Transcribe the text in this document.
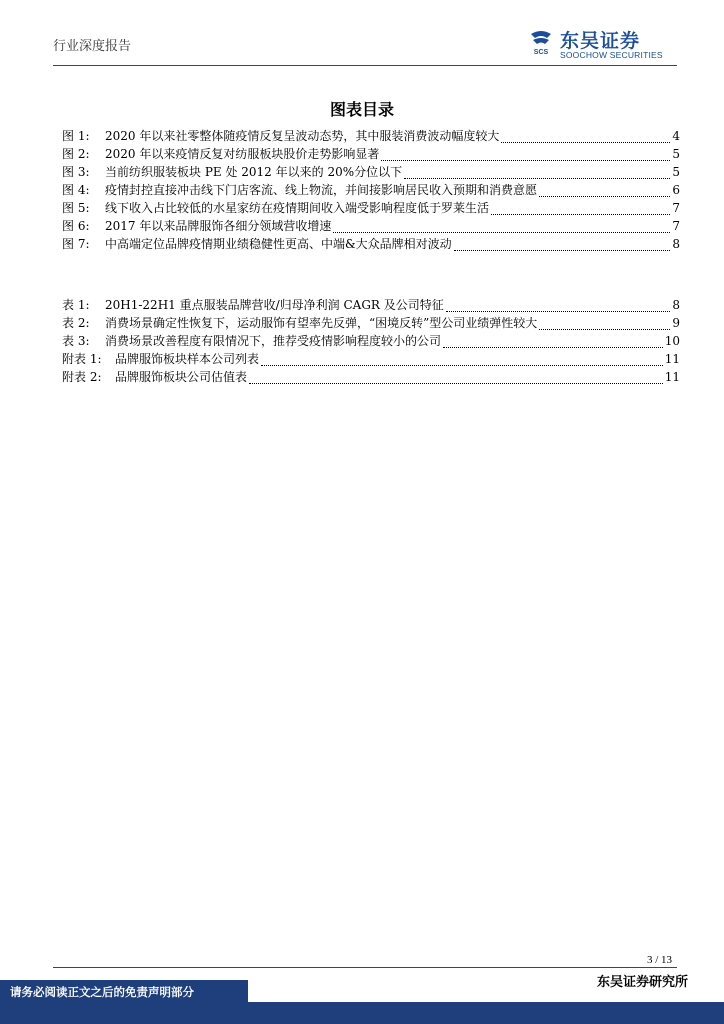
行业深度报告	SCS
东吴证券
SOOCHOW SECURITIES
图表目录
图 1:	2020 年以来社零整体随疫情反复呈波动态势，其中服装消费波动幅度较大	4
图 2:	2020 年以来疫情反复对纺服板块股价走势影响显著	5
图 3:	当前纺织服装板块 PE 处 2012 年以来的 20%分位以下	5
图 4:	疫情封控直接冲击线下门店客流、线上物流，并间接影响居民收入预期和消费意愿	6
图 5:	线下收入占比较低的水星家纺在疫情期间收入端受影响程度低于罗莱生活	7
图 6:	2017 年以来品牌服饰各细分领域营收增速	7
图 7:	中高端定位品牌疫情期业绩稳健性更高、中端&大众品牌相对波动	8
表 1:	20H1-22H1 重点服装品牌营收/归母净利润 CAGR 及公司特征	8
表 2:	消费场景确定性恢复下，运动服饰有望率先反弹，“困境反转”型公司业绩弹性较大	9
表 3:	消费场景改善程度有限情况下，推荐受疫情影响程度较小的公司	10
附表 1:	品牌服饰板块样本公司列表	11
附表 2:	品牌服饰板块公司估值表	11
3 / 13
东吴证券研究所
请务必阅读正文之后的免责声明部分
